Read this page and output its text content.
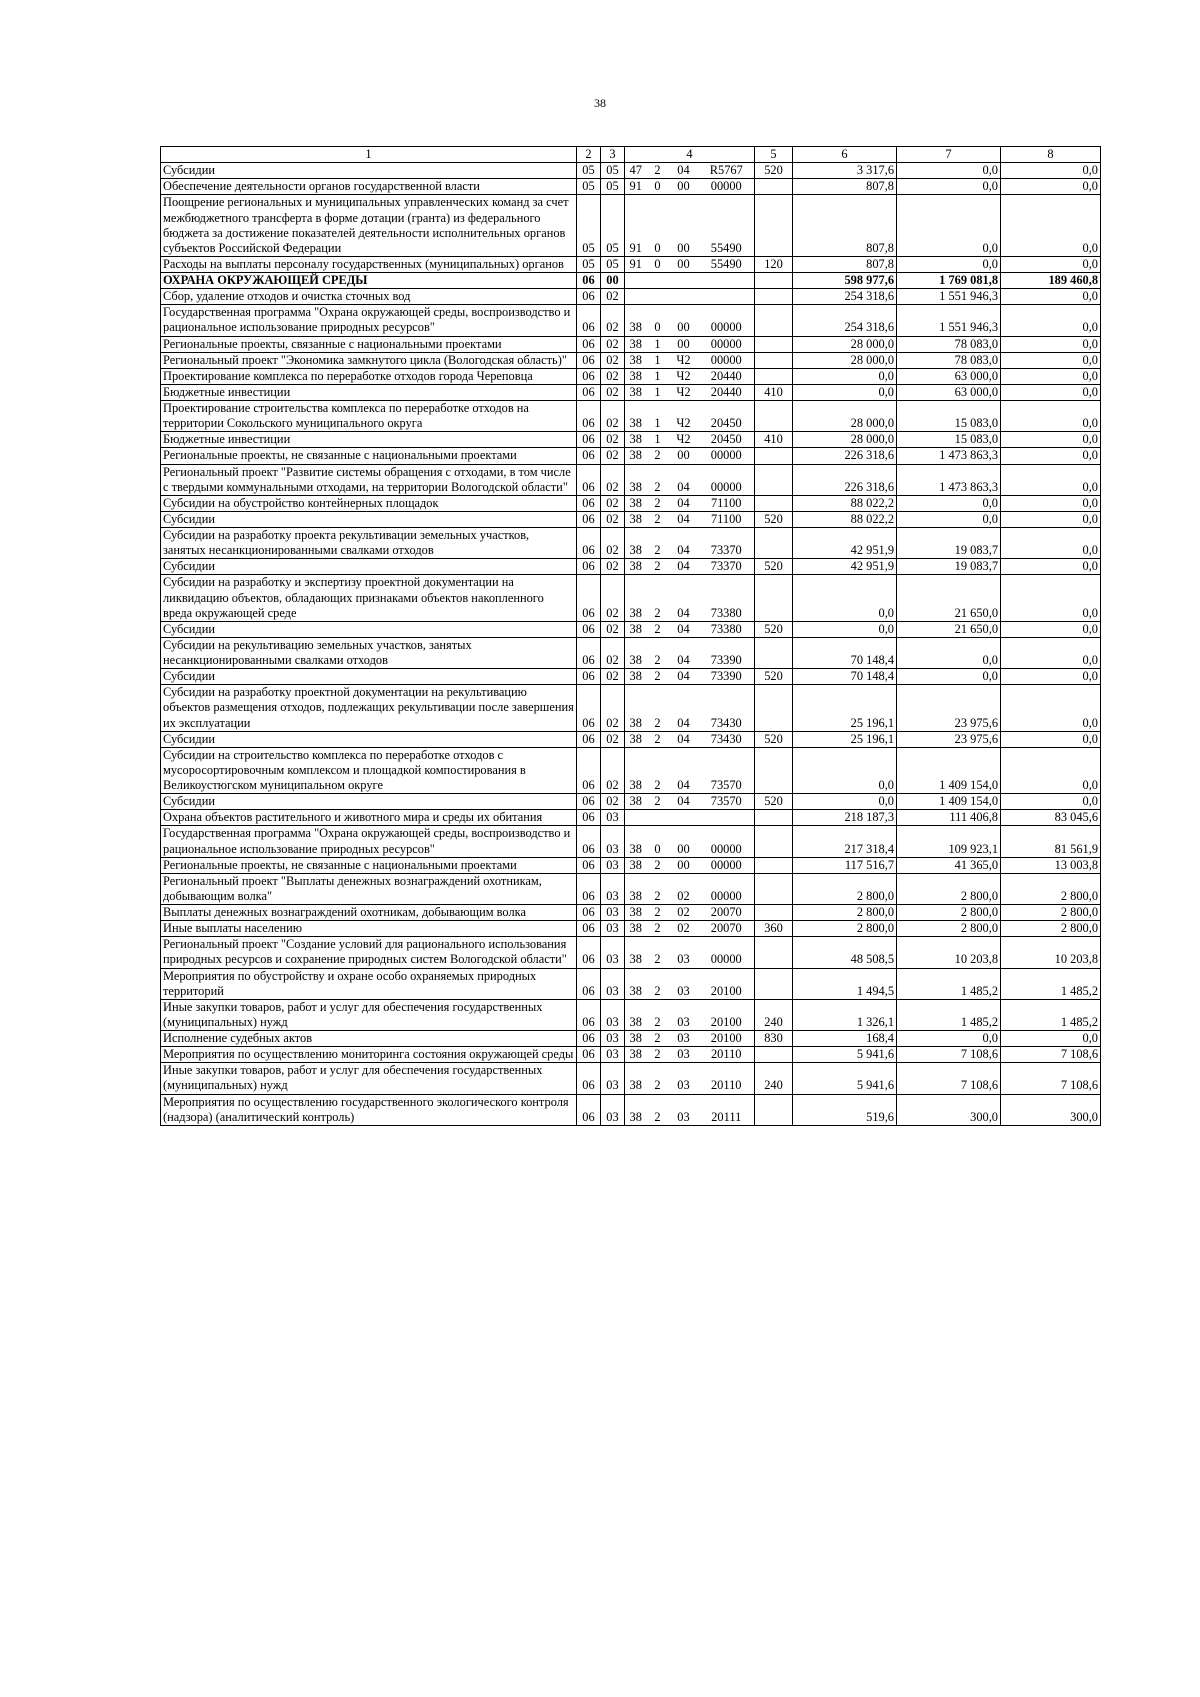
38
1	2	3	4				5	6	7	8
Субсидии	05	05	47	2	04	R5767	520	3 317,6	0,0	0,0
Обеспечение деятельности органов государственной власти	05	05	91	0	00	00000		807,8	0,0	0,0
Поощрение региональных и муниципальных управленческих команд за счет межбюджетного трансферта в форме дотации (гранта) из федерального бюджета за достижение показателей деятельности исполнительных органов субъектов Российской Федерации	05	05	91	0	00	55490		807,8	0,0	0,0
Расходы на выплаты персоналу государственных (муниципальных) органов	05	05	91	0	00	55490	120	807,8	0,0	0,0
ОХРАНА ОКРУЖАЮЩЕЙ СРЕДЫ	06	00						598 977,6	1 769 081,8	189 460,8
Сбор, удаление отходов и очистка сточных вод	06	02						254 318,6	1 551 946,3	0,0
Государственная программа "Охрана окружающей среды, воспроизводство и рациональное использование природных ресурсов"	06	02	38	0	00	00000		254 318,6	1 551 946,3	0,0
Региональные проекты, связанные с национальными проектами	06	02	38	1	00	00000		28 000,0	78 083,0	0,0
Региональный проект "Экономика замкнутого цикла (Вологодская область)"	06	02	38	1	Ч2	00000		28 000,0	78 083,0	0,0
Проектирование комплекса по переработке отходов города Череповца	06	02	38	1	Ч2	20440		0,0	63 000,0	0,0
Бюджетные инвестиции	06	02	38	1	Ч2	20440	410	0,0	63 000,0	0,0
Проектирование строительства комплекса по переработке отходов на территории Сокольского муниципального округа	06	02	38	1	Ч2	20450		28 000,0	15 083,0	0,0
Бюджетные инвестиции	06	02	38	1	Ч2	20450	410	28 000,0	15 083,0	0,0
Региональные проекты, не связанные с национальными проектами	06	02	38	2	00	00000		226 318,6	1 473 863,3	0,0
Региональный проект "Развитие системы обращения с отходами, в том числе с твердыми коммунальными отходами, на территории Вологодской области"	06	02	38	2	04	00000		226 318,6	1 473 863,3	0,0
Субсидии на обустройство контейнерных площадок	06	02	38	2	04	71100		88 022,2	0,0	0,0
Субсидии	06	02	38	2	04	71100	520	88 022,2	0,0	0,0
Субсидии на разработку проекта рекультивации земельных участков, занятых несанкционированными свалками отходов	06	02	38	2	04	73370		42 951,9	19 083,7	0,0
Субсидии	06	02	38	2	04	73370	520	42 951,9	19 083,7	0,0
Субсидии на разработку и экспертизу проектной документации на ликвидацию объектов, обладающих признаками объектов накопленного вреда окружающей среде	06	02	38	2	04	73380		0,0	21 650,0	0,0
Субсидии	06	02	38	2	04	73380	520	0,0	21 650,0	0,0
Субсидии на рекультивацию земельных участков, занятых несанкционированными свалками отходов	06	02	38	2	04	73390		70 148,4	0,0	0,0
Субсидии	06	02	38	2	04	73390	520	70 148,4	0,0	0,0
Субсидии на разработку проектной документации на рекультивацию объектов размещения отходов, подлежащих рекультивации после завершения их эксплуатации	06	02	38	2	04	73430		25 196,1	23 975,6	0,0
Субсидии	06	02	38	2	04	73430	520	25 196,1	23 975,6	0,0
Субсидии на строительство комплекса по переработке отходов с мусоросортировочным комплексом и площадкой компостирования в Великоустюгском муниципальном округе	06	02	38	2	04	73570		0,0	1 409 154,0	0,0
Субсидии	06	02	38	2	04	73570	520	0,0	1 409 154,0	0,0
Охрана объектов растительного и животного мира и среды их обитания	06	03						218 187,3	111 406,8	83 045,6
Государственная программа "Охрана окружающей среды, воспроизводство и рациональное использование природных ресурсов"	06	03	38	0	00	00000		217 318,4	109 923,1	81 561,9
Региональные проекты, не связанные с национальными проектами	06	03	38	2	00	00000		117 516,7	41 365,0	13 003,8
Региональный проект "Выплаты денежных вознаграждений охотникам, добывающим волка"	06	03	38	2	02	00000		2 800,0	2 800,0	2 800,0
Выплаты денежных вознаграждений охотникам, добывающим волка	06	03	38	2	02	20070		2 800,0	2 800,0	2 800,0
Иные выплаты населению	06	03	38	2	02	20070	360	2 800,0	2 800,0	2 800,0
Региональный проект "Создание условий для рационального использования природных ресурсов и сохранение природных систем Вологодской области"	06	03	38	2	03	00000		48 508,5	10 203,8	10 203,8
Мероприятия по обустройству и охране особо охраняемых природных территорий	06	03	38	2	03	20100		1 494,5	1 485,2	1 485,2
Иные закупки товаров, работ и услуг для обеспечения государственных (муниципальных) нужд	06	03	38	2	03	20100	240	1 326,1	1 485,2	1 485,2
Исполнение судебных актов	06	03	38	2	03	20100	830	168,4	0,0	0,0
Мероприятия по осуществлению мониторинга состояния окружающей среды	06	03	38	2	03	20110		5 941,6	7 108,6	7 108,6
Иные закупки товаров, работ и услуг для обеспечения государственных (муниципальных) нужд	06	03	38	2	03	20110	240	5 941,6	7 108,6	7 108,6
Мероприятия по осуществлению государственного экологического контроля (надзора) (аналитический контроль)	06	03	38	2	03	20111		519,6	300,0	300,0
